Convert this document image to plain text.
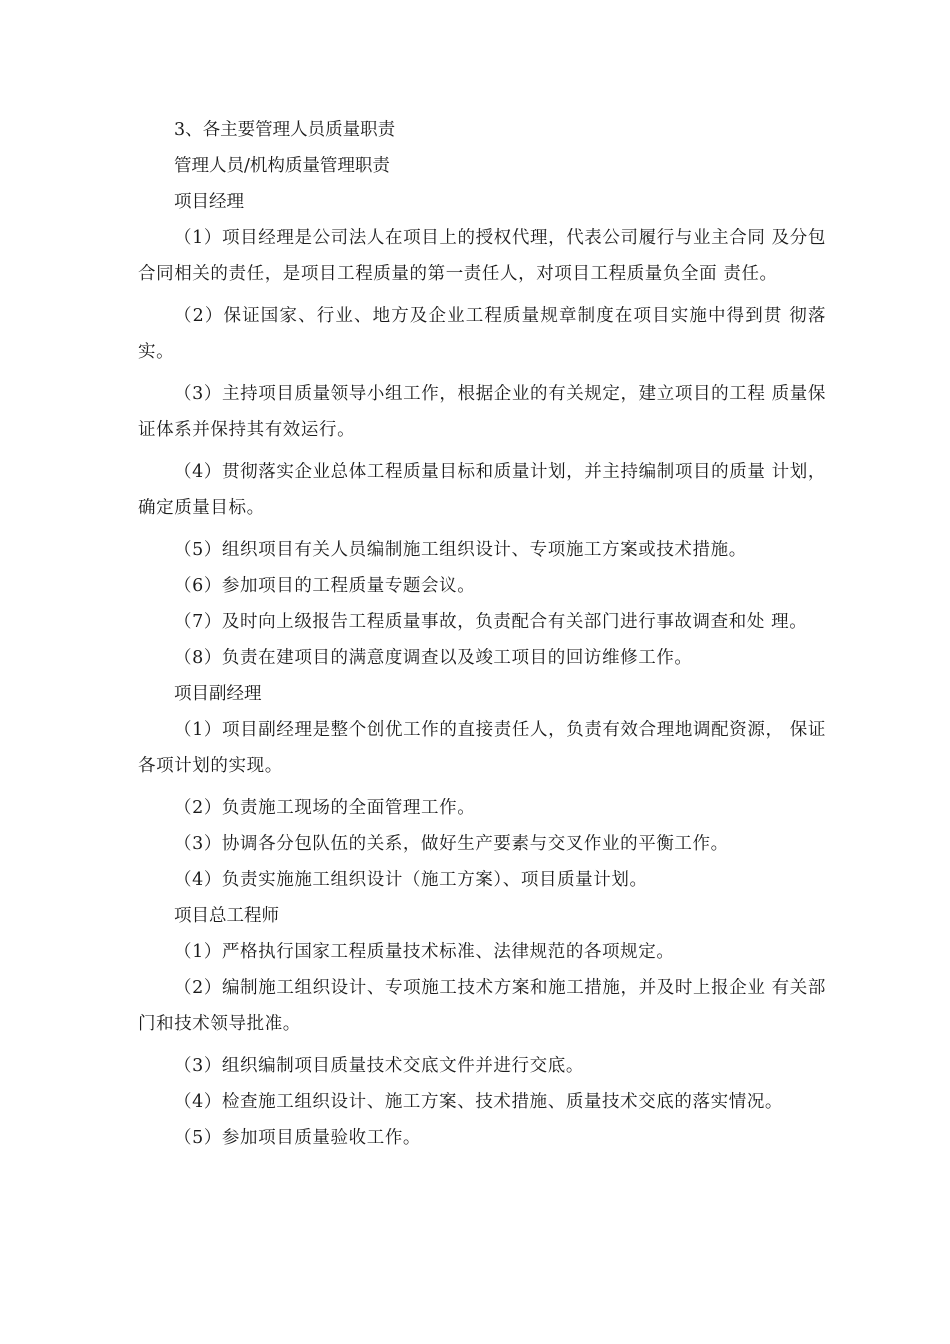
3、各主要管理人员质量职责

管理人员/机构质量管理职责

项目经理

（1）项目经理是公司法人在项目上的授权代理，代表公司履行与业主合同 及分包合同相关的责任，是项目工程质量的第一责任人，对项目工程质量负全面 责任。

（2）保证国家、行业、地方及企业工程质量规章制度在项目实施中得到贯 彻落实。

（3）主持项目质量领导小组工作，根据企业的有关规定，建立项目的工程 质量保证体系并保持其有效运行。

（4）贯彻落实企业总体工程质量目标和质量计划，并主持编制项目的质量 计划，确定质量目标。

（5）组织项目有关人员编制施工组织设计、专项施工方案或技术措施。

（6）参加项目的工程质量专题会议。

（7）及时向上级报告工程质量事故，负责配合有关部门进行事故调查和处 理。

（8）负责在建项目的满意度调查以及竣工项目的回访维修工作。

项目副经理

（1）项目副经理是整个创优工作的直接责任人，负责有效合理地调配资源， 保证各项计划的实现。

（2）负责施工现场的全面管理工作。

（3）协调各分包队伍的关系，做好生产要素与交叉作业的平衡工作。

（4）负责实施施工组织设计（施工方案）、项目质量计划。

项目总工程师

（1）严格执行国家工程质量技术标准、法律规范的各项规定。

（2）编制施工组织设计、专项施工技术方案和施工措施，并及时上报企业 有关部门和技术领导批准。

（3）组织编制项目质量技术交底文件并进行交底。

（4）检查施工组织设计、施工方案、技术措施、质量技术交底的落实情况。

（5）参加项目质量验收工作。
